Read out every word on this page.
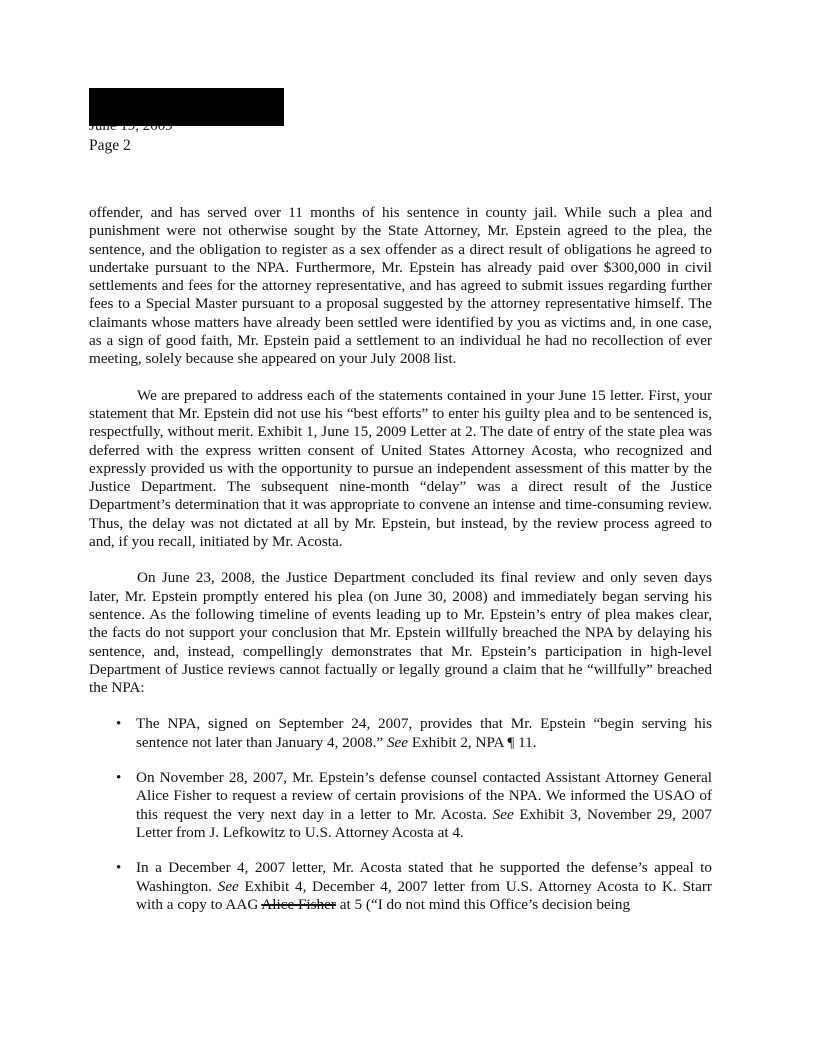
Page 2

offender, and has served over 11 months of his sentence in county jail. While such a plea and punishment were not otherwise sought by the State Attorney, Mr. Epstein agreed to the plea, the sentence, and the obligation to register as a sex offender as a direct result of obligations he agreed to undertake pursuant to the NPA. Furthermore, Mr. Epstein has already paid over $300,000 in civil settlements and fees for the attorney representative, and has agreed to submit issues regarding further fees to a Special Master pursuant to a proposal suggested by the attorney representative himself. The claimants whose matters have already been settled were identified by you as victims and, in one case, as a sign of good faith, Mr. Epstein paid a settlement to an individual he had no recollection of ever meeting, solely because she appeared on your July 2008 list.

We are prepared to address each of the statements contained in your June 15 letter. First, your statement that Mr. Epstein did not use his “best efforts” to enter his guilty plea and to be sentenced is, respectfully, without merit. Exhibit 1, June 15, 2009 Letter at 2. The date of entry of the state plea was deferred with the express written consent of United States Attorney Acosta, who recognized and expressly provided us with the opportunity to pursue an independent assessment of this matter by the Justice Department. The subsequent nine-month “delay” was a direct result of the Justice Department’s determination that it was appropriate to convene an intense and time-consuming review. Thus, the delay was not dictated at all by Mr. Epstein, but instead, by the review process agreed to and, if you recall, initiated by Mr. Acosta.

On June 23, 2008, the Justice Department concluded its final review and only seven days later, Mr. Epstein promptly entered his plea (on June 30, 2008) and immediately began serving his sentence. As the following timeline of events leading up to Mr. Epstein’s entry of plea makes clear, the facts do not support your conclusion that Mr. Epstein willfully breached the NPA by delaying his sentence, and, instead, compellingly demonstrates that Mr. Epstein’s participation in high-level Department of Justice reviews cannot factually or legally ground a claim that he “willfully” breached the NPA:

• The NPA, signed on September 24, 2007, provides that Mr. Epstein “begin serving his sentence not later than January 4, 2008.” See Exhibit 2, NPA ¶ 11.
• On November 28, 2007, Mr. Epstein’s defense counsel contacted Assistant Attorney General Alice Fisher to request a review of certain provisions of the NPA. We informed the USAO of this request the very next day in a letter to Mr. Acosta. See Exhibit 3, November 29, 2007 Letter from J. Lefkowitz to U.S. Attorney Acosta at 4.
• In a December 4, 2007 letter, Mr. Acosta stated that he supported the defense’s appeal to Washington. See Exhibit 4, December 4, 2007 letter from U.S. Attorney Acosta to K. Starr with a copy to AAG Alice Fisher at 5 (“I do not mind this Office’s decision being
